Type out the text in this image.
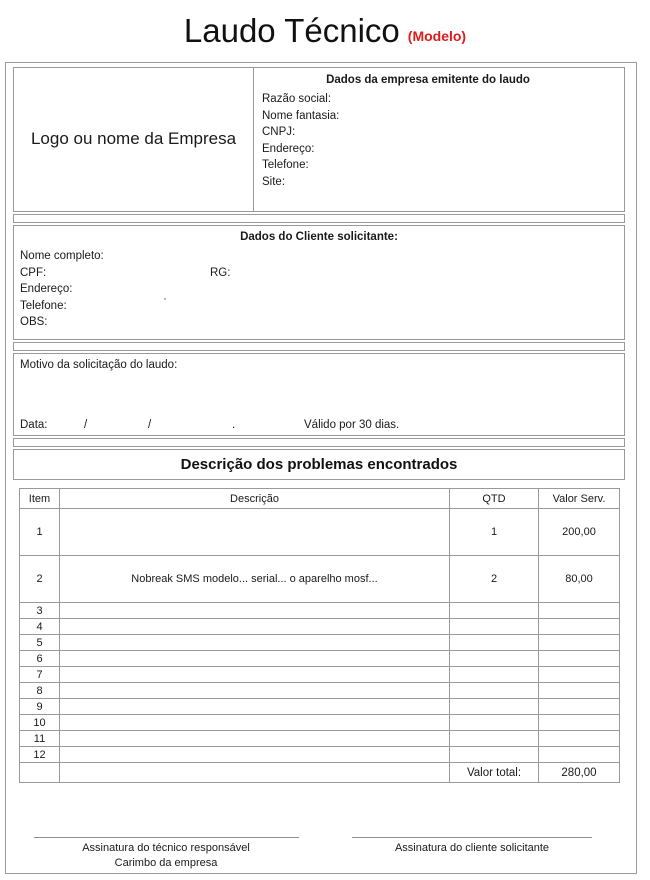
Laudo Técnico (Modelo)
Logo ou nome da Empresa
Dados da empresa emitente do laudo
Razão social:
Nome fantasia:
CNPJ:
Endereço:
Telefone:
Site:
Dados do Cliente solicitante:
Nome completo:
CPF:	RG:
Endereço:
Telefone:
OBS:
Motivo da solicitação do laudo:
Data:	/	/	.	Válido por 30 dias.
Descrição dos problemas encontrados
Item	Descrição	QTD	Valor Serv.
1		1	200,00
2	Nobreak SMS modelo... serial... o aparelho mosf...	2	80,00
3			
4			
5			
6			
7			
8			
9			
10			
11			
12			
		Valor total:	280,00
Assinatura do técnico responsável
Carimbo da empresa
Assinatura do cliente solicitante
